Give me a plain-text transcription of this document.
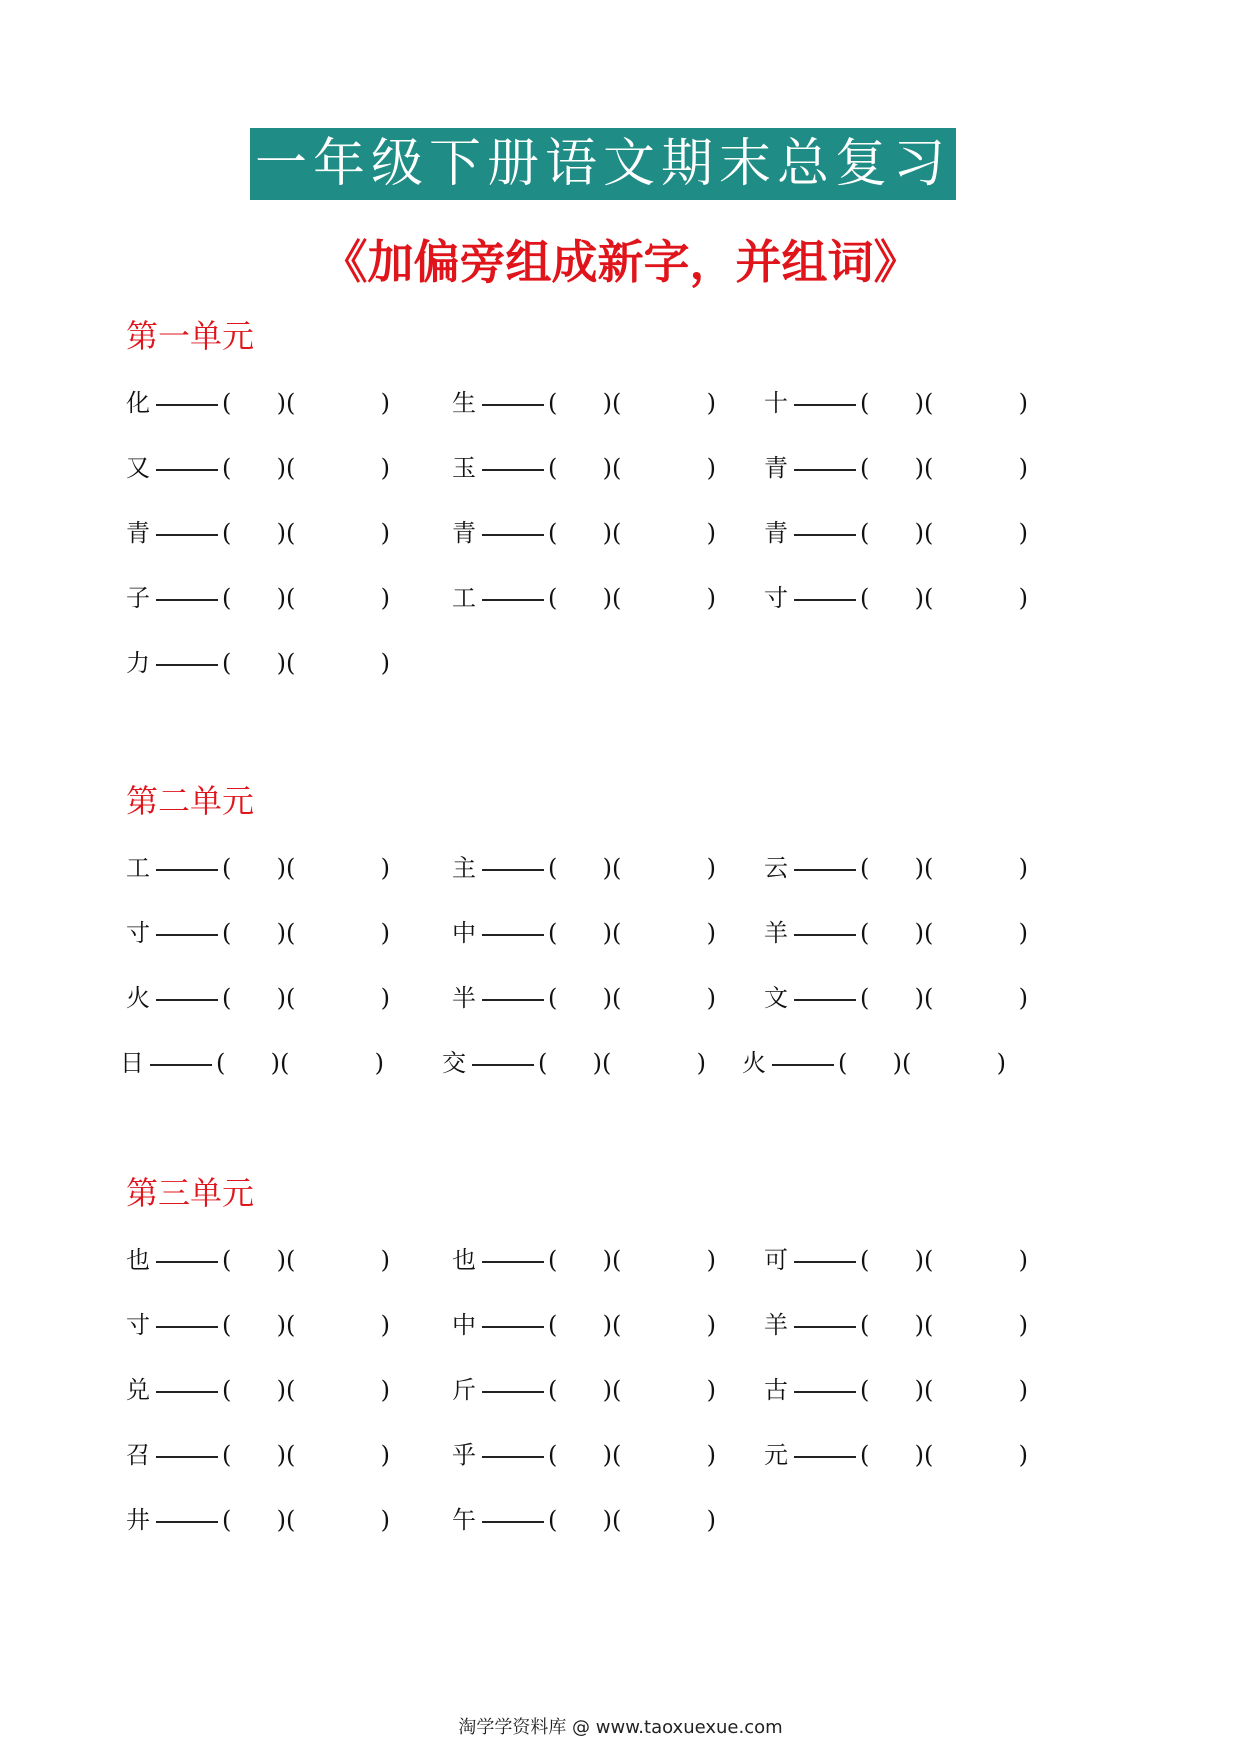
一年级下册语文期末总复习
《加偏旁组成新字，并组词》
第一单元
化	( ) (	)	生	( ) (	) 十	( ) (	)
又	( ) (	)	玉	( ) (	) 青	( ) (	)
青	( ) (	)	青	( ) (	) 青	( ) (	)
子	( ) (	)	工	( ) (	) 寸	( ) (	)
力	( ) (	)
第二单元
工	( ) (	)	主	( ) (	) 云	( ) (	)
寸	( ) (	)	中	( ) (	) 羊	( ) (	)
火	( ) (	)	半	( ) (	) 文	( ) (	)
日	( ) (	) 交	( ) (	) 火	( ) (	)
第三单元
也	( ) (	)	也	( ) (	) 可	( ) (	)
寸	( ) (	)	中	( ) (	) 羊	( ) (	)
兑	( ) (	)	斤	( ) (	) 古	( ) (	)
召	( ) (	)	乎	( ) (	) 元	( ) (	)
井	( ) (	)	午	( ) (	)
淘学学资料库 @ www.taoxuexue.com
